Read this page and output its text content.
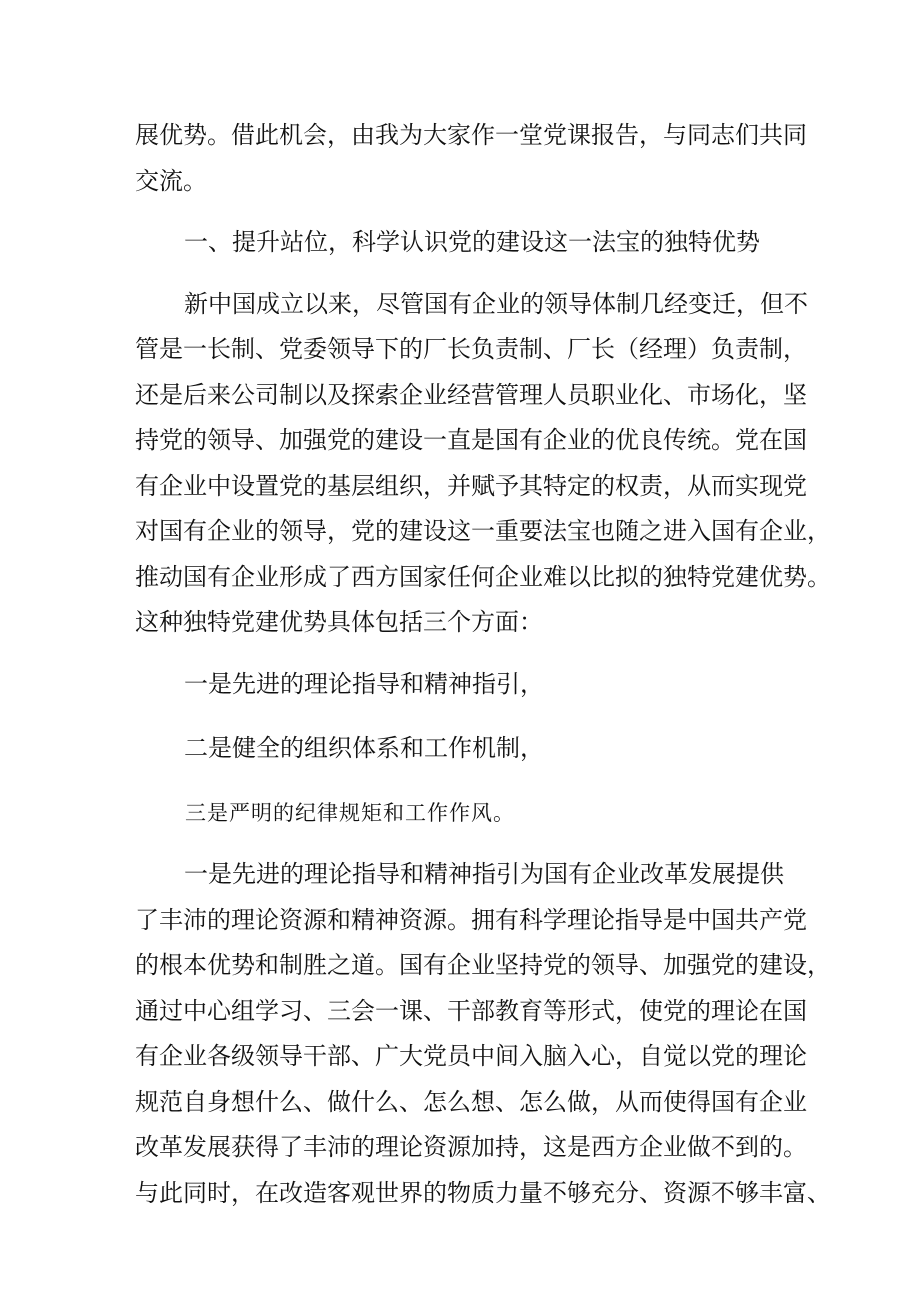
展优势。借此机会，由我为大家作一堂党课报告，与同志们共同
交流。

一、提升站位，科学认识党的建设这一法宝的独特优势

新中国成立以来，尽管国有企业的领导体制几经变迁，但不
管是一长制、党委领导下的厂长负责制、厂长（经理）负责制，
还是后来公司制以及探索企业经营管理人员职业化、市场化，坚
持党的领导、加强党的建设一直是国有企业的优良传统。党在国
有企业中设置党的基层组织，并赋予其特定的权责，从而实现党
对国有企业的领导，党的建设这一重要法宝也随之进入国有企业，
推动国有企业形成了西方国家任何企业难以比拟的独特党建优势。
这种独特党建优势具体包括三个方面：

一是先进的理论指导和精神指引，

二是健全的组织体系和工作机制，

三是严明的纪律规矩和工作作风。

一是先进的理论指导和精神指引为国有企业改革发展提供
了丰沛的理论资源和精神资源。拥有科学理论指导是中国共产党
的根本优势和制胜之道。国有企业坚持党的领导、加强党的建设，
通过中心组学习、三会一课、干部教育等形式，使党的理论在国
有企业各级领导干部、广大党员中间入脑入心，自觉以党的理论
规范自身想什么、做什么、怎么想、怎么做，从而使得国有企业
改革发展获得了丰沛的理论资源加持，这是西方企业做不到的。
与此同时，在改造客观世界的物质力量不够充分、资源不够丰富、
